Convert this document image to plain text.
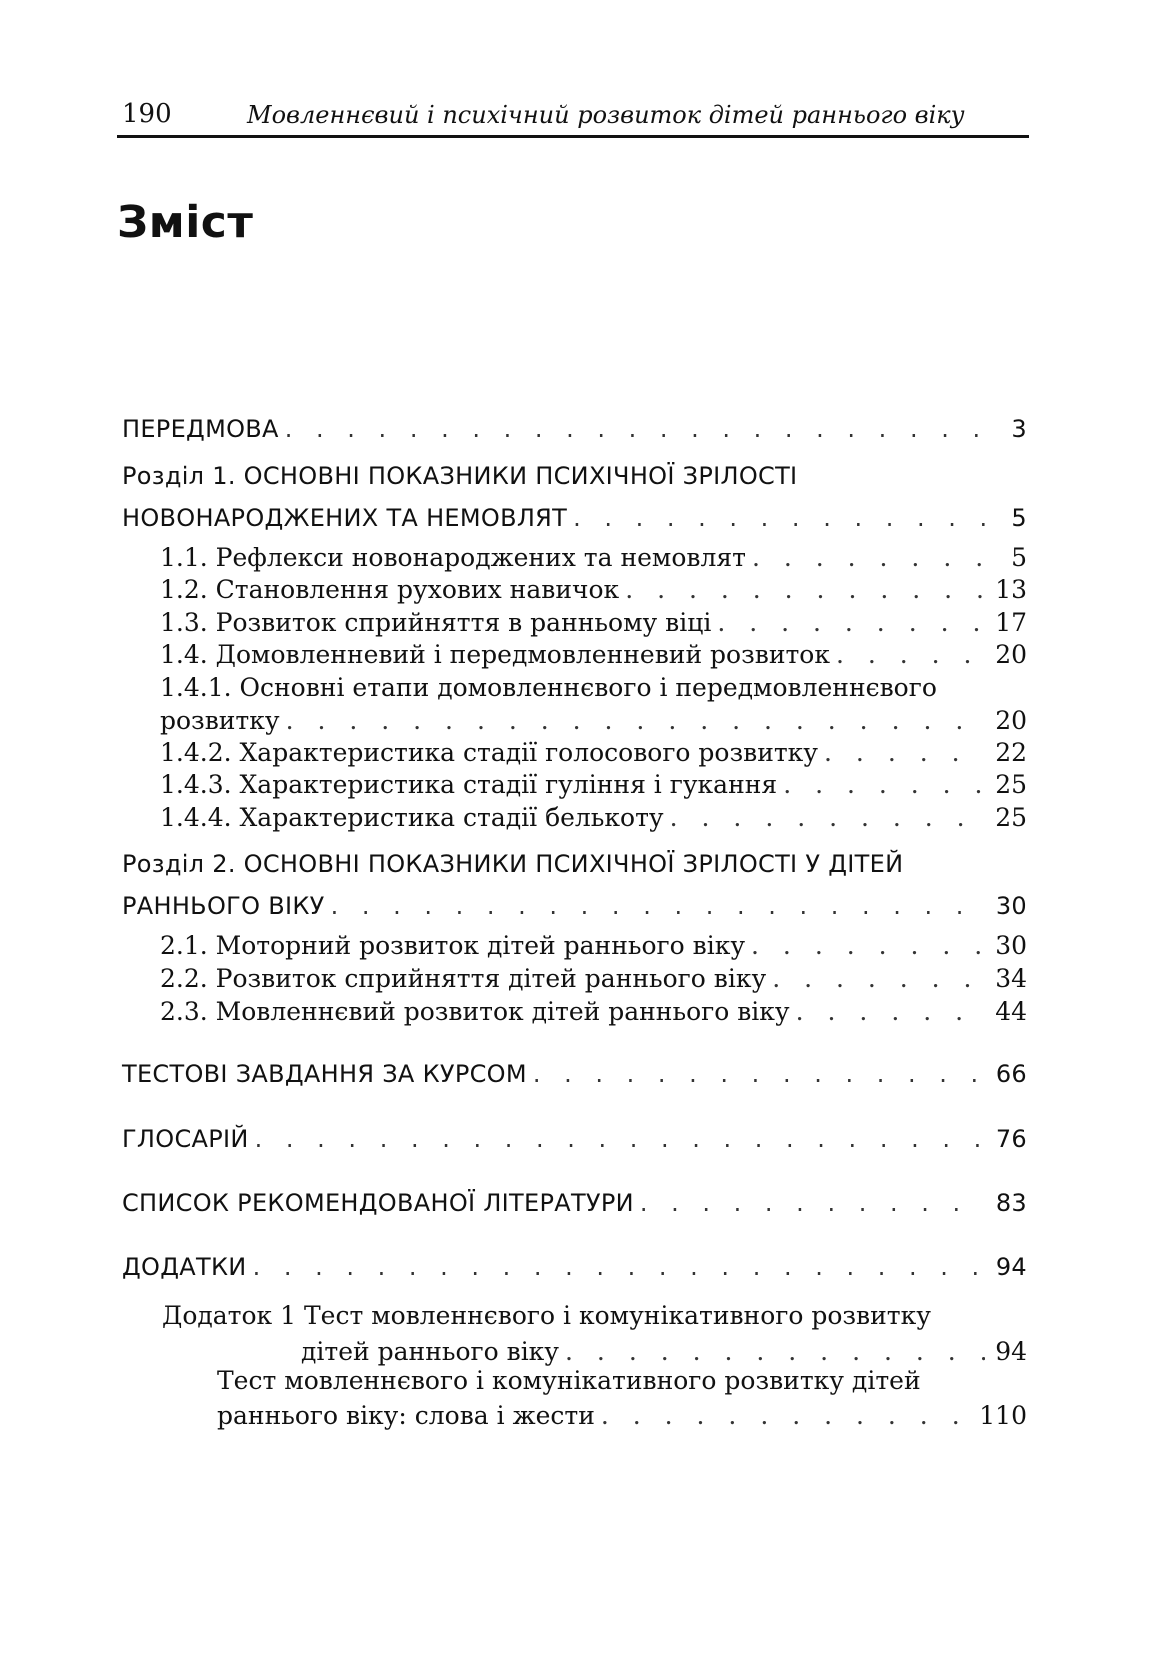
190	Мовленнєвий і психічний розвиток дітей раннього віку
Зміст
ПЕРЕДМОВА . . .	3
Розділ 1. ОСНОВНІ ПОКАЗНИКИ ПСИХІЧНОЇ ЗРІЛОСТІ
НОВОНАРОДЖЕНИХ ТА НЕМОВЛЯТ . . .	5
1.1. Рефлекси новонароджених та немовлят . . .	5
1.2. Становлення рухових навичок . . .	13
1.3. Розвиток сприйняття в ранньому віці . . .	17
1.4. Домовленневий і передмовленневий розвиток . . .	20
1.4.1. Основні етапи домовленнєвого і передмовленнєвого
розвитку . . .	20
1.4.2. Характеристика стадії голосового розвитку . . .	22
1.4.3. Характеристика стадії гуління і гукання . . .	25
1.4.4. Характеристика стадії белькоту . . .	25
Розділ 2. ОСНОВНІ ПОКАЗНИКИ ПСИХІЧНОЇ ЗРІЛОСТІ У ДІТЕЙ
РАННЬОГО ВІКУ . . .	30
2.1. Моторний розвиток дітей раннього віку . . .	30
2.2. Розвиток сприйняття дітей раннього віку . . .	34
2.3. Мовленнєвий розвиток дітей раннього віку . . .	44
ТЕСТОВІ ЗАВДАННЯ ЗА КУРСОМ . . .	66
ГЛОСАРІЙ . . .	76
СПИСОК РЕКОМЕНДОВАНОЇ ЛІТЕРАТУРИ . . .	83
ДОДАТКИ . . .	94
Додаток 1 Тест мовленнєвого і комунікативного розвитку
дітей раннього віку . . .	94
Тест мовленнєвого і комунікативного розвитку дітей
раннього віку: слова і жести . . .	110
